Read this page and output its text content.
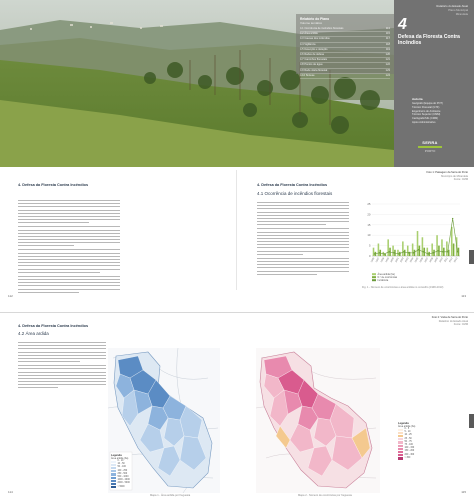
Relatório do Plano
Volume temático
4.1 Ocorrência de incêndios florestais	113
4.2 Área ardida	115
4.3 Causas dos incêndios	117
4.4 Vigilância	118
4.5 Detecção e deteção	119
4.6 Redes de defesa	120
4.7 Caminhos florestais	121
4.8 Pontos de água	122
4.9 Rede viária florestal	123
4.10 Síntese	124
Relatório do Estado Atual
Plano Municipal
Mirandela
4
Defesa da Floresta Contra Incêndios
Autoria
Geógrafo (Equipa do POT)
Técnico Florestal (GTF)
Engenheiro do Ambiente
Técnico Superior (CMM)
Cartógrafo/SIG (CMM)
Apoio Administrativo
SERRA
PORTO
Foto 1: Paisagem da Serra do Porto
Município de Mirandela
Fonte: CMM
4. Defesa da Floresta Contra Incêndios	4. Defesa da Floresta Contra Incêndios
4.1 Ocorrência de incêndios florestais
0
5
10
15
20
25
1996 1997 1998 1999 2000 2001 2002 2003 2004 2005 2006 2007 2008 2009 2010 2011 2012 2013
Área ardida (ha)
N.º de ocorrências
Incidência
Fig. 1 - Número de ocorrências e área ardida no concelho (1996-2013)
112	113
4. Defesa da Floresta Contra Incêndios
4.2 Área ardida
Foto 2: Visita de Serra do Porto
Relatório do Estado Atual
Fonte: CMM
Legenda
Área ardida (ha)
0 - 10
10 - 50
50 - 100
100 - 250
250 - 500
500 - 1000
1000 - 2000
2000 - 5000
> 5000
Mapa 1 - Área ardida por freguesia
Legenda
Área ardida (ha)
0 - 5
5 - 10
10 - 25
25 - 50
50 - 75
75 - 100
100 - 150
150 - 200
200 - 300
> 300
Mapa 2 - Número de ocorrências por freguesia
114	115
